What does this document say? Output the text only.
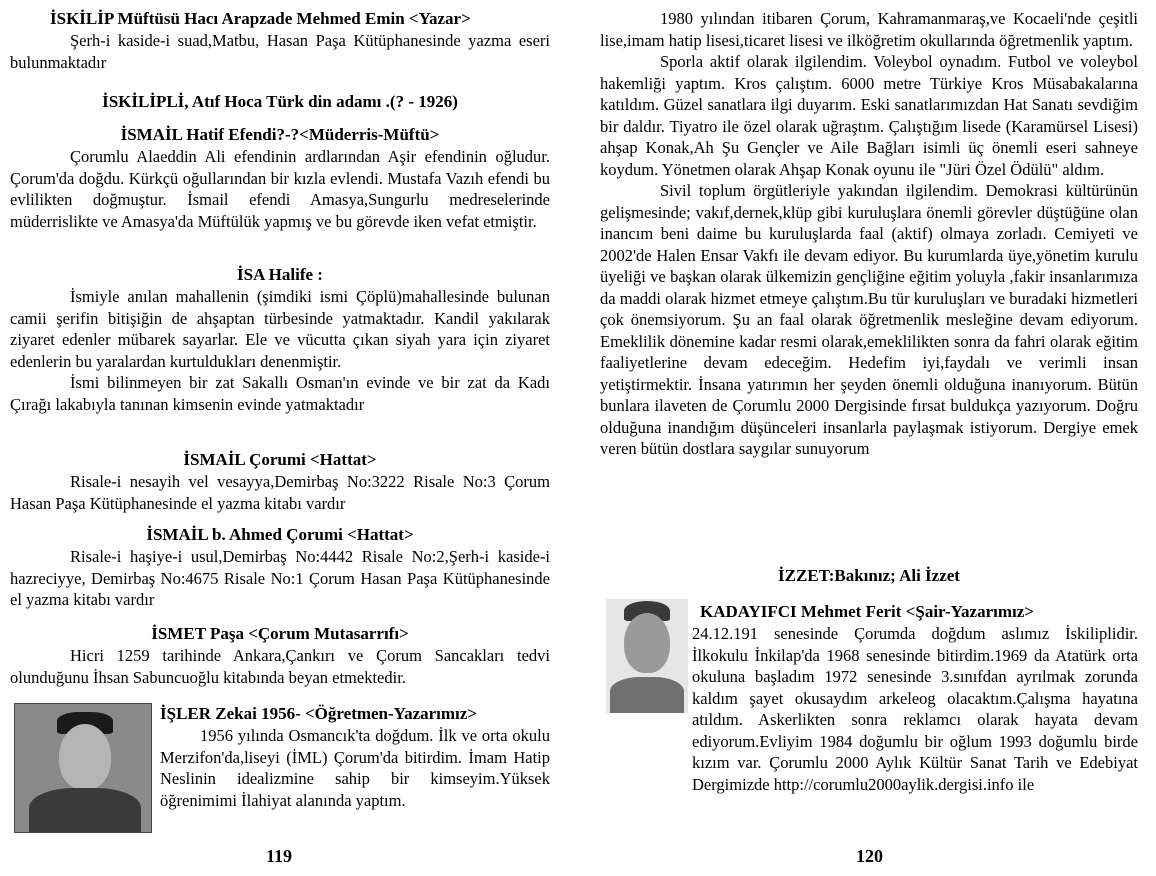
İSKİLİP Müftüsü Hacı Arapzade Mehmed Emin <Yazar>

Şerh-i kaside-i suad,Matbu, Hasan Paşa Kütüphanesinde yazma eseri bulunmaktadır

İSKİLİPLİ, Atıf Hoca Türk din adamı .(? - 1926)
İSMAİL Hatif Efendi?-?<Müderris-Müftü>

Çorumlu Alaeddin Ali efendinin ardlarından Aşir efendinin oğludur. Çorum'da doğdu. Kürkçü oğullarından bir kızla evlendi. Mustafa Vazıh efendi bu evlilikten doğmuştur. İsmail efendi Amasya,Sungurlu medreselerinde müderrislikte ve Amasya'da Müftülük yapmış ve bu görevde iken vefat etmiştir.

İSA Halife :

İsmiyle anılan mahallenin (şimdiki ismi Çöplü)mahallesinde bulunan camii şerifin bitişiğin de ahşaptan türbesinde yatmaktadır. Kandil yakılarak ziyaret edenler mübarek sayarlar. Ele ve vücutta çıkan siyah yara için ziyaret edenlerin bu yaralardan kurtuldukları denenmiştir.

İsmi bilinmeyen bir zat Sakallı Osman'ın evinde ve bir zat da Kadı Çırağı lakabıyla tanınan kimsenin evinde yatmaktadır

İSMAİL Çorumi <Hattat>

Risale-i nesayih vel vesayya,Demirbaş No:3222 Risale No:3 Çorum Hasan Paşa Kütüphanesinde el yazma kitabı vardır

İSMAİL b. Ahmed Çorumi <Hattat>

Risale-i haşiye-i usul,Demirbaş No:4442 Risale No:2,Şerh-i kaside-i hazreciyye, Demirbaş No:4675 Risale No:1 Çorum Hasan Paşa Kütüphanesinde el yazma kitabı vardır

İSMET Paşa <Çorum Mutasarrıfı>

Hicri 1259 tarihinde Ankara,Çankırı ve Çorum Sancakları tedvi olunduğunu İhsan Sabuncuoğlu kitabında beyan etmektedir.

İŞLER Zekai 1956- <Öğretmen-Yazarımız>

1956 yılında Osmancık'ta doğdum. İlk ve orta okulu Merzifon'da,liseyi (İML) Çorum'da bitirdim. İmam Hatip Neslinin idealizmine sahip bir kimseyim.Yüksek öğrenimimi İlahiyat alanında yaptım.

119

1980 yılından itibaren Çorum, Kahramanmaraş,ve Kocaeli'nde çeşitli lise,imam hatip lisesi,ticaret lisesi ve ilköğretim okullarında öğretmenlik yaptım.

Sporla aktif olarak ilgilendim. Voleybol oynadım. Futbol ve voleybol hakemliği yaptım. Kros çalıştım. 6000 metre Türkiye Kros Müsabakalarına katıldım. Güzel sanatlara ilgi duyarım. Eski sanatlarımızdan Hat Sanatı sevdiğim bir daldır. Tiyatro ile özel olarak uğraştım. Çalıştığım lisede (Karamürsel Lisesi) ahşap Konak,Ah Şu Gençler ve Aile Bağları isimli üç önemli eseri sahneye koydum. Yönetmen olarak Ahşap Konak oyunu ile "Jüri Özel Ödülü" aldım.

Sivil toplum örgütleriyle yakından ilgilendim. Demokrasi kültürünün gelişmesinde; vakıf,dernek,klüp gibi kuruluşlara önemli görevler düştüğüne olan inancım beni daime bu kuruluşlarda faal (aktif) olmaya zorladı. Cemiyeti ve 2002'de Halen Ensar Vakfı ile devam ediyor. Bu kurumlarda üye,yönetim kurulu üyeliği ve başkan olarak ülkemizin gençliğine eğitim yoluyla ,fakir insanlarımıza da maddi olarak hizmet etmeye çalıştım.Bu tür kuruluşları ve buradaki hizmetleri çok önemsiyorum. Şu an faal olarak öğretmenlik mesleğine devam ediyorum. Emeklilik dönemine kadar resmi olarak,emeklilikten sonra da fahri olarak eğitim faaliyetlerine devam edeceğim. Hedefim iyi,faydalı ve verimli insan yetiştirmektir. İnsana yatırımın her şeyden önemli olduğuna inanıyorum. Bütün bunlara ilaveten de Çorumlu 2000 Dergisinde fırsat buldukça yazıyorum. Doğru olduğuna inandığım düşünceleri insanlarla paylaşmak istiyorum. Dergiye emek veren bütün dostlara saygılar sunuyorum

İZZET:Bakınız; Ali İzzet
KADAYIFCI Mehmet Ferit <Şair-Yazarımız>

24.12.191 senesinde Çorumda doğdum aslımız İskiliplidir. İlkokulu İnkilap'da 1968 senesinde bitirdim.1969 da Atatürk orta okuluna başladım 1972 senesinde 3.sınıfdan ayrılmak zorunda kaldım şayet okusaydım arkeleog olacaktım.Çalışma hayatına atıldım. Askerlikten sonra reklamcı olarak hayata devam ediyorum.Evliyim 1984 doğumlu bir oğlum 1993 doğumlu birde kızım var. Çorumlu 2000 Aylık Kültür Sanat Tarih ve Edebiyat Dergimizde http://corumlu2000aylik.dergisi.info ile

120
